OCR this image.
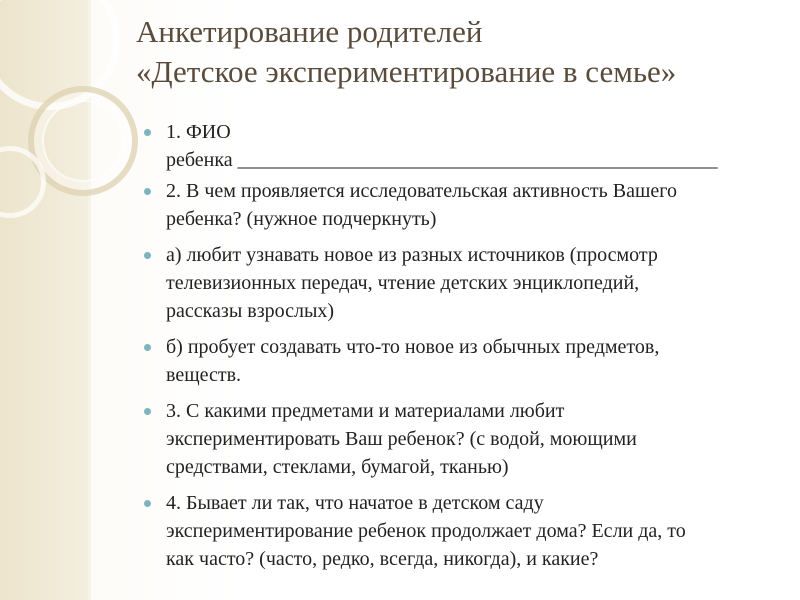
Анкетирование родителей
«Детское экспериментирование в семье»
1. ФИО
ребенка ________________________________________________
2. В чем проявляется исследовательская активность Вашего
ребенка? (нужное подчеркнуть)
а) любит узнавать новое из разных источников (просмотр
телевизионных передач, чтение детских энциклопедий,
рассказы взрослых)
б) пробует создавать что-то новое из обычных предметов,
веществ.
3. С какими предметами и материалами любит
экспериментировать Ваш ребенок? (с водой, моющими
средствами, стеклами, бумагой, тканью)
4. Бывает ли так, что начатое в детском саду
экспериментирование ребенок продолжает дома? Если да, то
как часто? (часто, редко, всегда, никогда), и какие?
